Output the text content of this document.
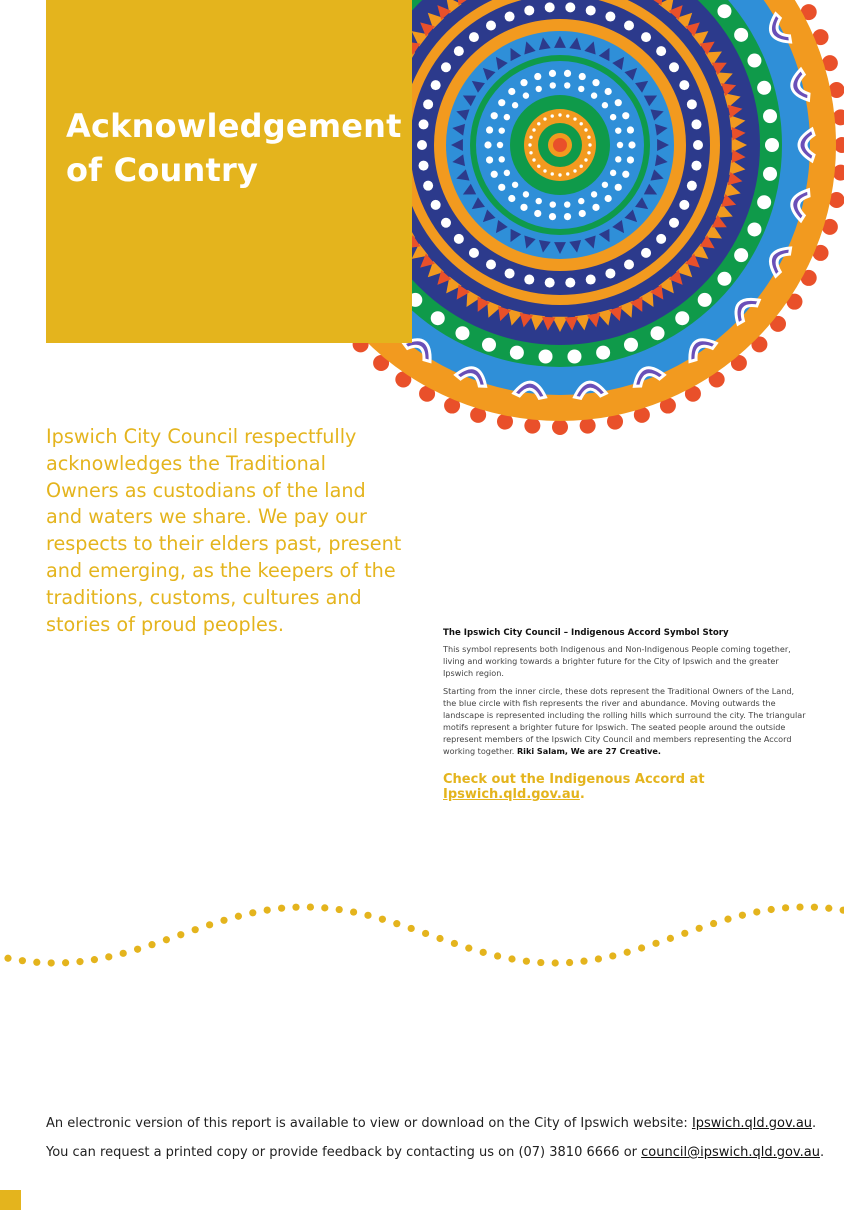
Acknowledgement
of Country

Ipswich City Council respectfully acknowledges the Traditional Owners as custodians of the land and waters we share. We pay our respects to their elders past, present and emerging, as the keepers of the traditions, customs, cultures and stories of proud peoples.	The Ipswich City Council – Indigenous Accord Symbol Story

This symbol represents both Indigenous and Non-Indigenous People coming together, living and working towards a brighter future for the City of Ipswich and the greater Ipswich region.

Starting from the inner circle, these dots represent the Traditional Owners of the Land, the blue circle with fish represents the river and abundance. Moving outwards the landscape is represented including the rolling hills which surround the city. The triangular motifs represent a brighter future for Ipswich. The seated people around the outside represent members of the Ipswich City Council and members representing the Accord working together. Riki Salam, We are 27 Creative.

Check out the Indigenous Accord at Ipswich.qld.gov.au.

An electronic version of this report is available to view or download on the City of Ipswich website: Ipswich.qld.gov.au.

You can request a printed copy or provide feedback by contacting us on (07) 3810 6666 or council@ipswich.qld.gov.au.
